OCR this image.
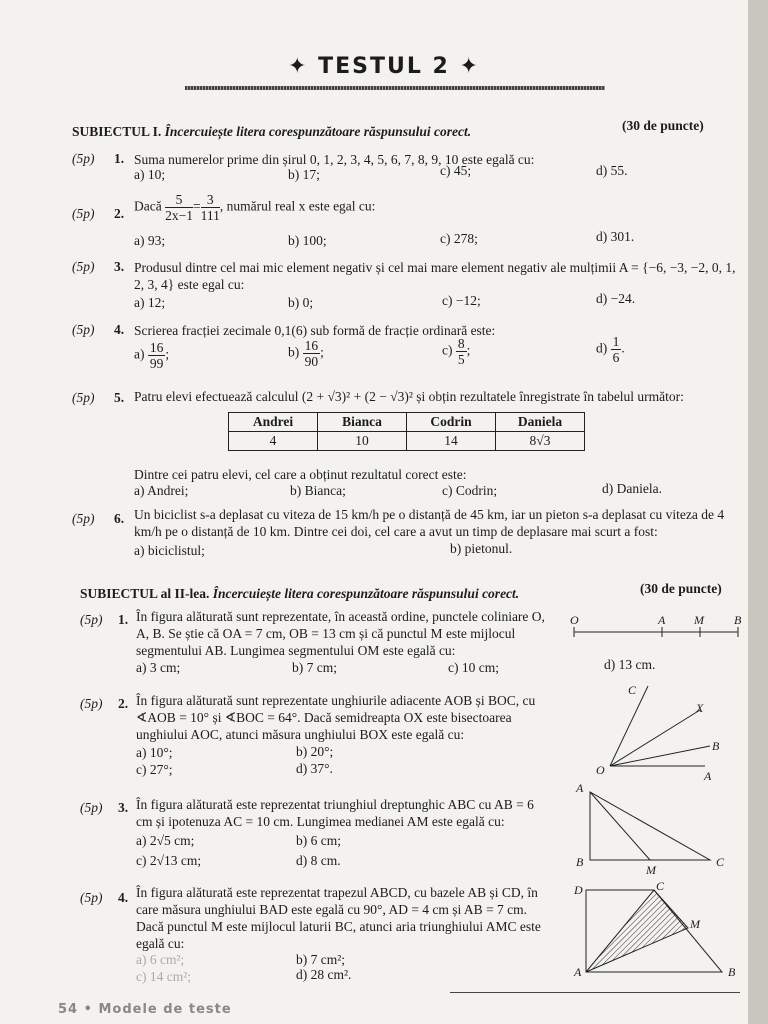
✦ TESTUL 2 ✦
SUBIECTUL I. Încercuiește litera corespunzătoare răspunsului corect.	(30 de puncte)
(5p) 1. Suma numerelor prime din șirul 0, 1, 2, 3, 4, 5, 6, 7, 8, 9, 10 este egală cu:
a) 10;	b) 17;	c) 45;	d) 55.
(5p) 2. Dacă $\frac{5}{2x-1} = \frac{3}{111}$ , numărul real x este egal cu:
a) 93;	b) 100;	c) 278;	d) 301.
(5p) 3. Produsul dintre cel mai mic element negativ și cel mai mare element negativ ale mulțimii A = {−6, −3, −2, 0, 1, 2, 3, 4} este egal cu:
a) 12;	b) 0;	c) −12;	d) −24.
(5p) 4. Scrierea fracției zecimale 0,1(6) sub formă de fracție ordinară este:
$a) \frac{16}{99}$ ;	$b) \frac{16}{90}$ ;	$c) \frac{8}{5}$ ;	$d) \frac{1}{6}$ .
(5p) 5. Patru elevi efectuează calculul (2 + √3)² + (2 − √3)² și obțin rezultatele înregistrate în tabelul următor:
Andrei	Bianca	Codrin	Daniela
4	10	14	8√3
Dintre cei patru elevi, cel care a obținut rezultatul corect este:
a) Andrei;	b) Bianca;	c) Codrin;	d) Daniela.
(5p) 6. Un biciclist s-a deplasat cu viteza de 15 km/h pe o distanță de 45 km, iar un pieton s-a deplasat cu viteza de 4 km/h pe o distanță de 10 km. Dintre cei doi, cel care a avut un timp de deplasare mai scurt a fost:
a) biciclistul;	b) pietonul.
SUBIECTUL al II-lea. Încercuiește litera corespunzătoare răspunsului corect.	(30 de puncte)
(5p) 1. În figura alăturată sunt reprezentate, în această ordine, punctele coliniare O, A, B. Se știe că OA = 7 cm, OB = 13 cm și că punctul M este mijlocul segmentului AB. Lungimea segmentului OM este egală cu:
a) 3 cm;	b) 7 cm;	c) 10 cm;	d) 13 cm.
O	A M	B
(5p) 2. În figura alăturată sunt reprezentate unghiurile adiacente AOB și BOC, cu ∢AOB = 10° și ∢BOC = 64°. Dacă semidreapta OX este bisectoarea unghiului AOC, atunci măsura unghiului BOX este egală cu:
a) 10°;	b) 20°;
c) 27°;	d) 37°.
C
X
B
O	A
(5p) 3. În figura alăturată este reprezentat triunghiul dreptunghic ABC cu AB = 6 cm și ipotenuza AC = 10 cm. Lungimea medianei AM este egală cu:
a) 2√5 cm;	b) 6 cm;
c) 2√13 cm;	d) 8 cm.
A
B
M
C
(5p) 4. În figura alăturată este reprezentat trapezul ABCD, cu bazele AB și CD, în care măsura unghiului BAD este egală cu 90°, AD = 4 cm și AB = 7 cm. Dacă punctul M este mijlocul laturii BC, atunci aria triunghiului AMC este egală cu:
a) 6 cm²;	b) 7 cm²;
c) 14 cm²;	d) 28 cm².
D	C
M
A	B
54 • Modele de teste
